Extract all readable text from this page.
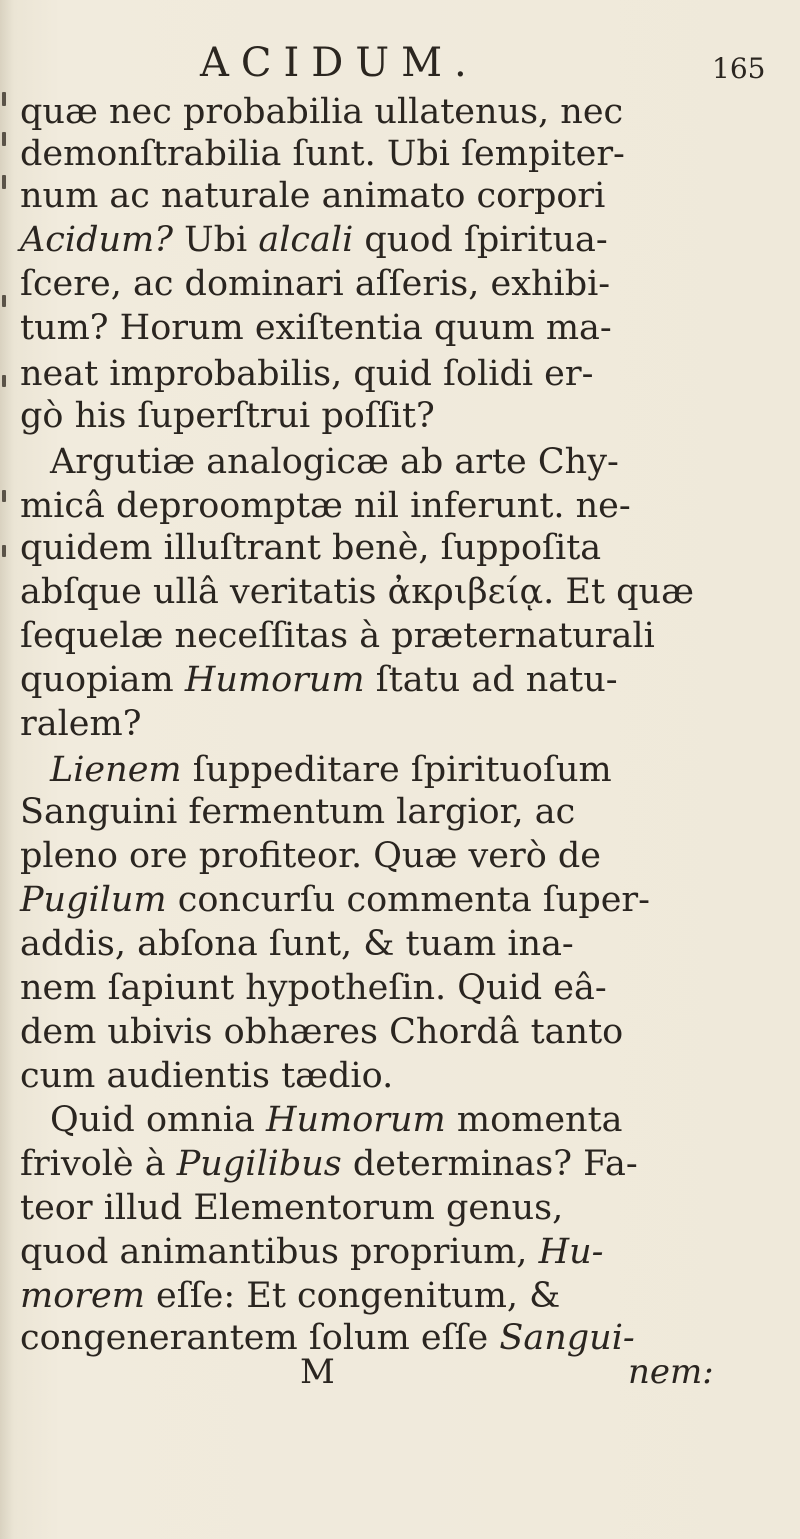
ACIDUM.	165
quæ nec probabilia ullatenus, nec
demonſtrabilia ſunt. Ubi ſempiter-
num ac naturale animato corpori
Acidum? Ubi alcali quod ſpiritua-
ſcere, ac dominari aſſeris, exhibi-
tum? Horum exiſtentia quum ma-
neat improbabilis, quid ſolidi er-
gò his ſuperſtrui poſſit?
Argutiæ analogicæ ab arte Chy-
micâ deproomptæ nil inferunt. ne-
quidem illuſtrant benè, ſuppoſita
abſque ullâ veritatis ἀκριβείᾳ. Et quæ
ſequelæ neceſſitas à præternaturali
quopiam Humorum ſtatu ad natu-
ralem?
Lienem ſuppeditare ſpirituoſum
Sanguini fermentum largior, ac
pleno ore profiteor. Quæ verò de
Pugilum concurſu commenta ſuper-
addis, abſona ſunt, & tuam ina-
nem ſapiunt hypotheſin. Quid eâ-
dem ubivis obhæres Chordâ tanto
cum audientis tædio.
Quid omnia Humorum momenta
frivolè à Pugilibus determinas? Fa-
teor illud Elementorum genus,
quod animantibus proprium, Hu-
morem eſſe: Et congenitum, &
congenerantem ſolum eſſe Sangui-
M	nem:
